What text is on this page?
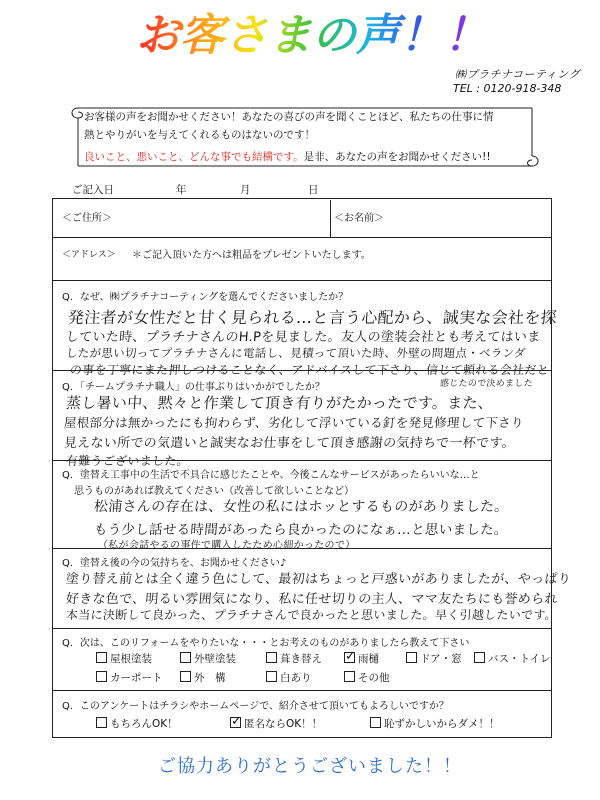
お客さまの声！！
㈱プラチナコーティング
TEL : 0120-918-348
お客様の声をお聞かせください！あなたの喜びの声を聞くことほど、私たちの仕事に情
熱とやりがいを与えてくれるものはないのです！
良いこと、悪いこと、どんな事でも結構です。是非、あなたの声をお聞かせください!!
ご記入日	年	月	日
＜ご住所＞	＜お名前＞
＜アドレス＞ ＊ご記入頂いた方へは粗品をプレゼントいたします。
Q．なぜ、㈱プラチナコーティングを選んでくださいましたか？
発注者が女性だと甘く見られる…と言う心配から、誠実な会社を探
していた時、プラチナさんのH.Pを見ました。友人の塗装会社とも考えてはいま
したが思い切ってプラチナさんに電話し、見積って頂いた時、外壁の問題点・ベランダ
の事を丁寧にまた押しつけることなく、アドバイスして下さり、信じて頼れる会社だと
感じたので決めました
Q．「チームプラチナ職人」の仕事ぶりはいかがでしたか？
蒸し暑い中、黙々と作業して頂き有りがたかったです。また、
屋根部分は無かったにも拘わらず、劣化して浮いている釘を発見修理して下さり
見えない所での気遣いと誠実なお仕事をして頂き感謝の気持ちで一杯です。
有難うございました。
Q．塗替え工事中の生活で不具合に感じたことや、今後こんなサービスがあったらいいな…と
思うものがあれば教えてください（改善して欲しいことなど）
松浦さんの存在は、女性の私にはホッとするものがありました。
もう少し話せる時間があったら良かったのになぁ…と思いました。
（私が会話やるの事件で購入したため心細かったので）
Q．塗替え後の今の気持ちを、お聞かせください♪
塗り替え前とは全く違う色にして、最初はちょっと戸惑いがありましたが、やっぱり
好きな色で、明るい雰囲気になり、私に任せ切りの主人、ママ友たちにも誉められ
本当に決断して良かった、プラチナさんで良かったと思いました。早く引越したいです。
Q．次は、このリフォームをやりたいな・・・とお考えのものがありましたら教えて下さい
屋根塗装	外壁塗装	葺き替え ✓ 雨樋	ドア・窓	バス・トイレ
カーポート	外　構	白あり	その他
Q．このアンケートはチラシやホームページで、紹介させて頂いてもよろしいですか？
もちろんOK！	✓ 匿名ならOK！！	恥ずかしいからダメ！！
ご協力ありがとうございました！！
